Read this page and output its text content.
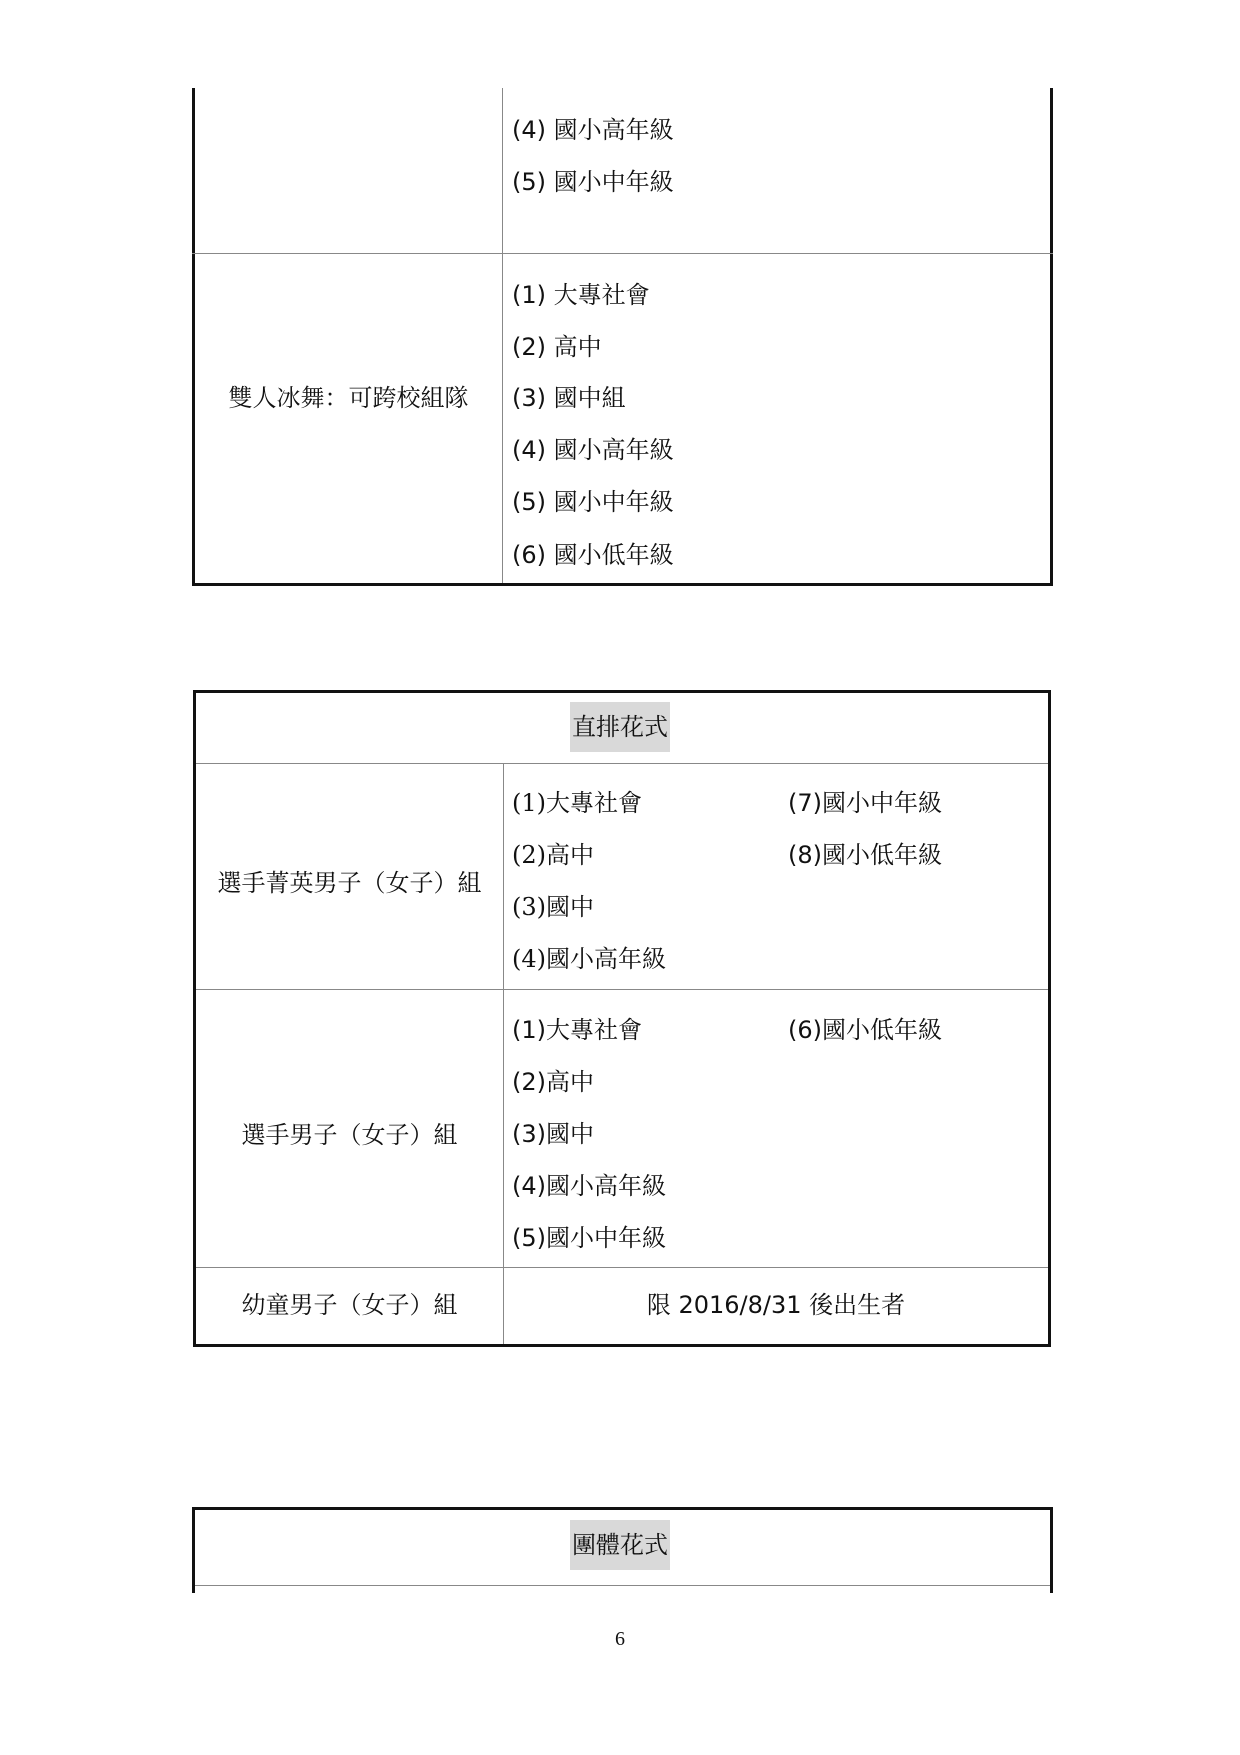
(4) 國小高年級
(5) 國小中年級
雙人冰舞：可跨校組隊
(1) 大專社會
(2) 高中
(3) 國中組
(4) 國小高年級
(5) 國小中年級
(6) 國小低年級
直排花式
選手菁英男子（女子）組
(1)大專社會
(2)高中
(3)國中
(4)國小高年級
(7)國小中年級
(8)國小低年級
選手男子（女子）組
(1)大專社會
(2)高中
(3)國中
(4)國小高年級
(5)國小中年級
(6)國小低年級
幼童男子（女子）組	限 2016/8/31 後出生者
團體花式
6
